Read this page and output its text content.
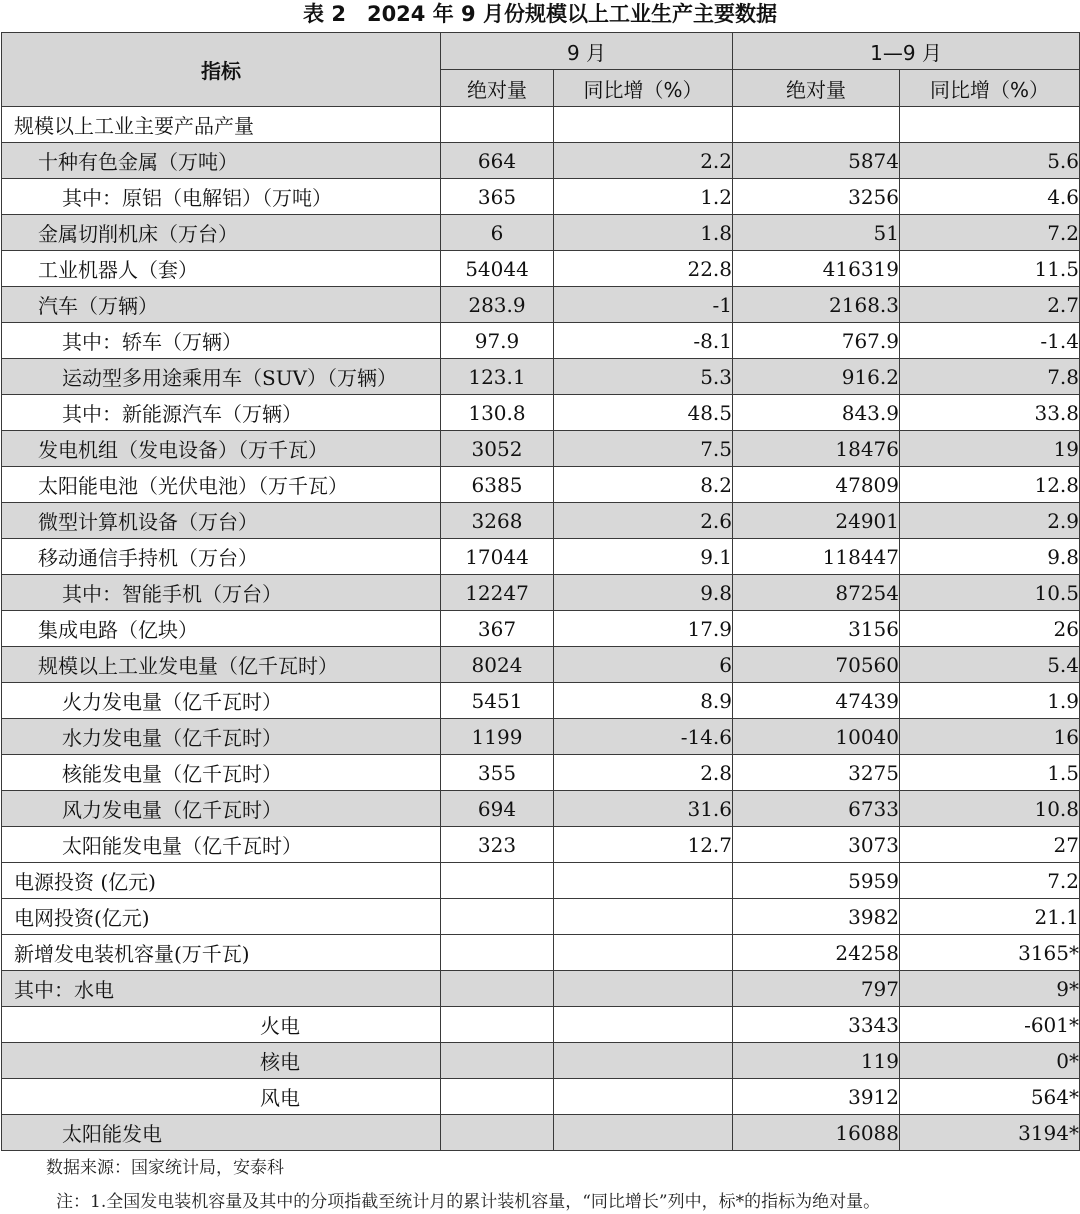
表 2　2024 年 9 月份规模以上工业生产主要数据
指标	9 月		1—9 月	
	绝对量	同比增（%）	绝对量	同比增（%）
规模以上工业主要产品产量				
十种有色金属（万吨）	664	2.2	5874	5.6
其中：原铝（电解铝）（万吨）	365	1.2	3256	4.6
金属切削机床（万台）	6	1.8	51	7.2
工业机器人（套）	54044	22.8	416319	11.5
汽车（万辆）	283.9	-1	2168.3	2.7
其中：轿车（万辆）	97.9	-8.1	767.9	-1.4
运动型多用途乘用车（SUV）（万辆）	123.1	5.3	916.2	7.8
其中：新能源汽车（万辆）	130.8	48.5	843.9	33.8
发电机组（发电设备）（万千瓦）	3052	7.5	18476	19
太阳能电池（光伏电池）（万千瓦）	6385	8.2	47809	12.8
微型计算机设备（万台）	3268	2.6	24901	2.9
移动通信手持机（万台）	17044	9.1	118447	9.8
其中：智能手机（万台）	12247	9.8	87254	10.5
集成电路（亿块）	367	17.9	3156	26
规模以上工业发电量（亿千瓦时）	8024	6	70560	5.4
火力发电量（亿千瓦时）	5451	8.9	47439	1.9
水力发电量（亿千瓦时）	1199	-14.6	10040	16
核能发电量（亿千瓦时）	355	2.8	3275	1.5
风力发电量（亿千瓦时）	694	31.6	6733	10.8
太阳能发电量（亿千瓦时）	323	12.7	3073	27
电源投资 (亿元)			5959	7.2
电网投资(亿元)			3982	21.1
新增发电装机容量(万千瓦)			24258	3165*
其中：水电			797	9*
火电			3343	-601*
核电			119	0*
风电			3912	564*
太阳能发电			16088	3194*
数据来源：国家统计局，安泰科
注：1.全国发电装机容量及其中的分项指截至统计月的累计装机容量，“同比增长”列中，标*的指标为绝对量。
